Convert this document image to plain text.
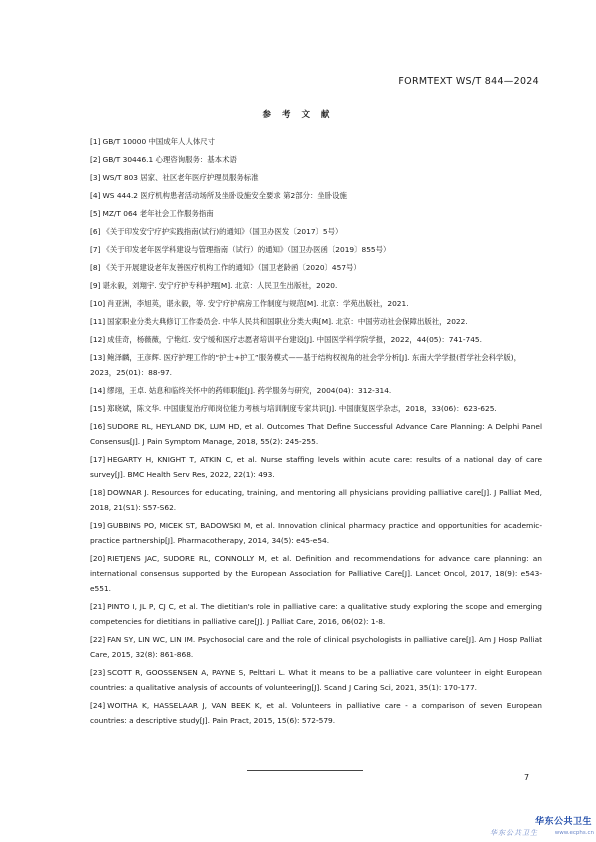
FORMTEXT WS/T 844—2024
参 考 文 献
[1] GB/T 10000 中国成年人人体尺寸
[2] GB/T 30446.1 心理咨询服务：基本术语
[3] WS/T 803 居家、社区老年医疗护理员服务标准
[4] WS 444.2 医疗机构患者活动场所及坐卧设施安全要求 第2部分：坐卧设施
[5] MZ/T 064 老年社会工作服务指南
[6] 《关于印发安宁疗护实践指南(试行)的通知》（国卫办医发〔2017〕5号）
[7] 《关于印发老年医学科建设与管理指南（试行）的通知》（国卫办医函〔2019〕855号）
[8] 《关于开展建设老年友善医疗机构工作的通知》（国卫老龄函〔2020〕457号）
[9] 谌永毅，刘翔宇. 安宁疗护专科护理[M]. 北京：人民卫生出版社，2020.
[10] 肖亚洲，李旭英，谌永毅，等. 安宁疗护病房工作制度与规范[M]. 北京：学苑出版社，2021.
[11] 国家职业分类大典修订工作委员会. 中华人民共和国职业分类大典[M]. 北京：中国劳动社会保障出版社，2022.
[12] 成佳奇，杨薇薇，宁艳红. 安宁缓和医疗志愿者培训平台建设[J]. 中国医学科学院学报，2022，44(05)：741-745.
[13] 鲍泽麟，王彦辉. 医疗护理工作的“护士+护工”服务模式——基于结构权视角的社会学分析[J]. 东南大学学报(哲学社会科学版)，2023，25(01)：88-97.
[14] 缪翊，王卓. 姑息和临终关怀中的药师职能[J]. 药学服务与研究，2004(04)：312-314.
[15] 郑晓斌，陈文华. 中国康复治疗师岗位能力考核与培训制度专家共识[J]. 中国康复医学杂志，2018，33(06)：623-625.
[16] SUDORE RL, HEYLAND DK, LUM HD, et al. Outcomes That Define Successful Advance Care Planning: A Delphi Panel Consensus[J]. J Pain Symptom Manage, 2018, 55(2): 245-255.
[17] HEGARTY H, KNIGHT T, ATKIN C, et al. Nurse staffing levels within acute care: results of a national day of care survey[J]. BMC Health Serv Res, 2022, 22(1): 493.
[18] DOWNAR J. Resources for educating, training, and mentoring all physicians providing palliative care[J]. J Palliat Med, 2018, 21(S1): S57-S62.
[19] GUBBINS PO, MICEK ST, BADOWSKI M, et al. Innovation clinical pharmacy practice and opportunities for academic-practice partnership[J]. Pharmacotherapy, 2014, 34(5): e45-e54.
[20] RIETJENS JAC, SUDORE RL, CONNOLLY M, et al. Definition and recommendations for advance care planning: an international consensus supported by the European Association for Palliative Care[J]. Lancet Oncol, 2017, 18(9): e543-e551.
[21] PINTO I, JL P, CJ C, et al. The dietitian's role in palliative care: a qualitative study exploring the scope and emerging competencies for dietitians in palliative care[J]. J Palliat Care, 2016, 06(02): 1-8.
[22] FAN SY, LIN WC, LIN IM. Psychosocial care and the role of clinical psychologists in palliative care[J]. Am J Hosp Palliat Care, 2015, 32(8): 861-868.
[23] SCOTT R, GOOSSENSEN A, PAYNE S, Pelttari L. What it means to be a palliative care volunteer in eight European countries: a qualitative analysis of accounts of volunteering[J]. Scand J Caring Sci, 2021, 35(1): 170-177.
[24] WOITHA K, HASSELAAR J, VAN BEEK K, et al. Volunteers in palliative care - a comparison of seven European countries: a descriptive study[J]. Pain Pract, 2015, 15(6): 572-579.
7
华东公共卫生
华东公共卫生	www.ecphs.cn
